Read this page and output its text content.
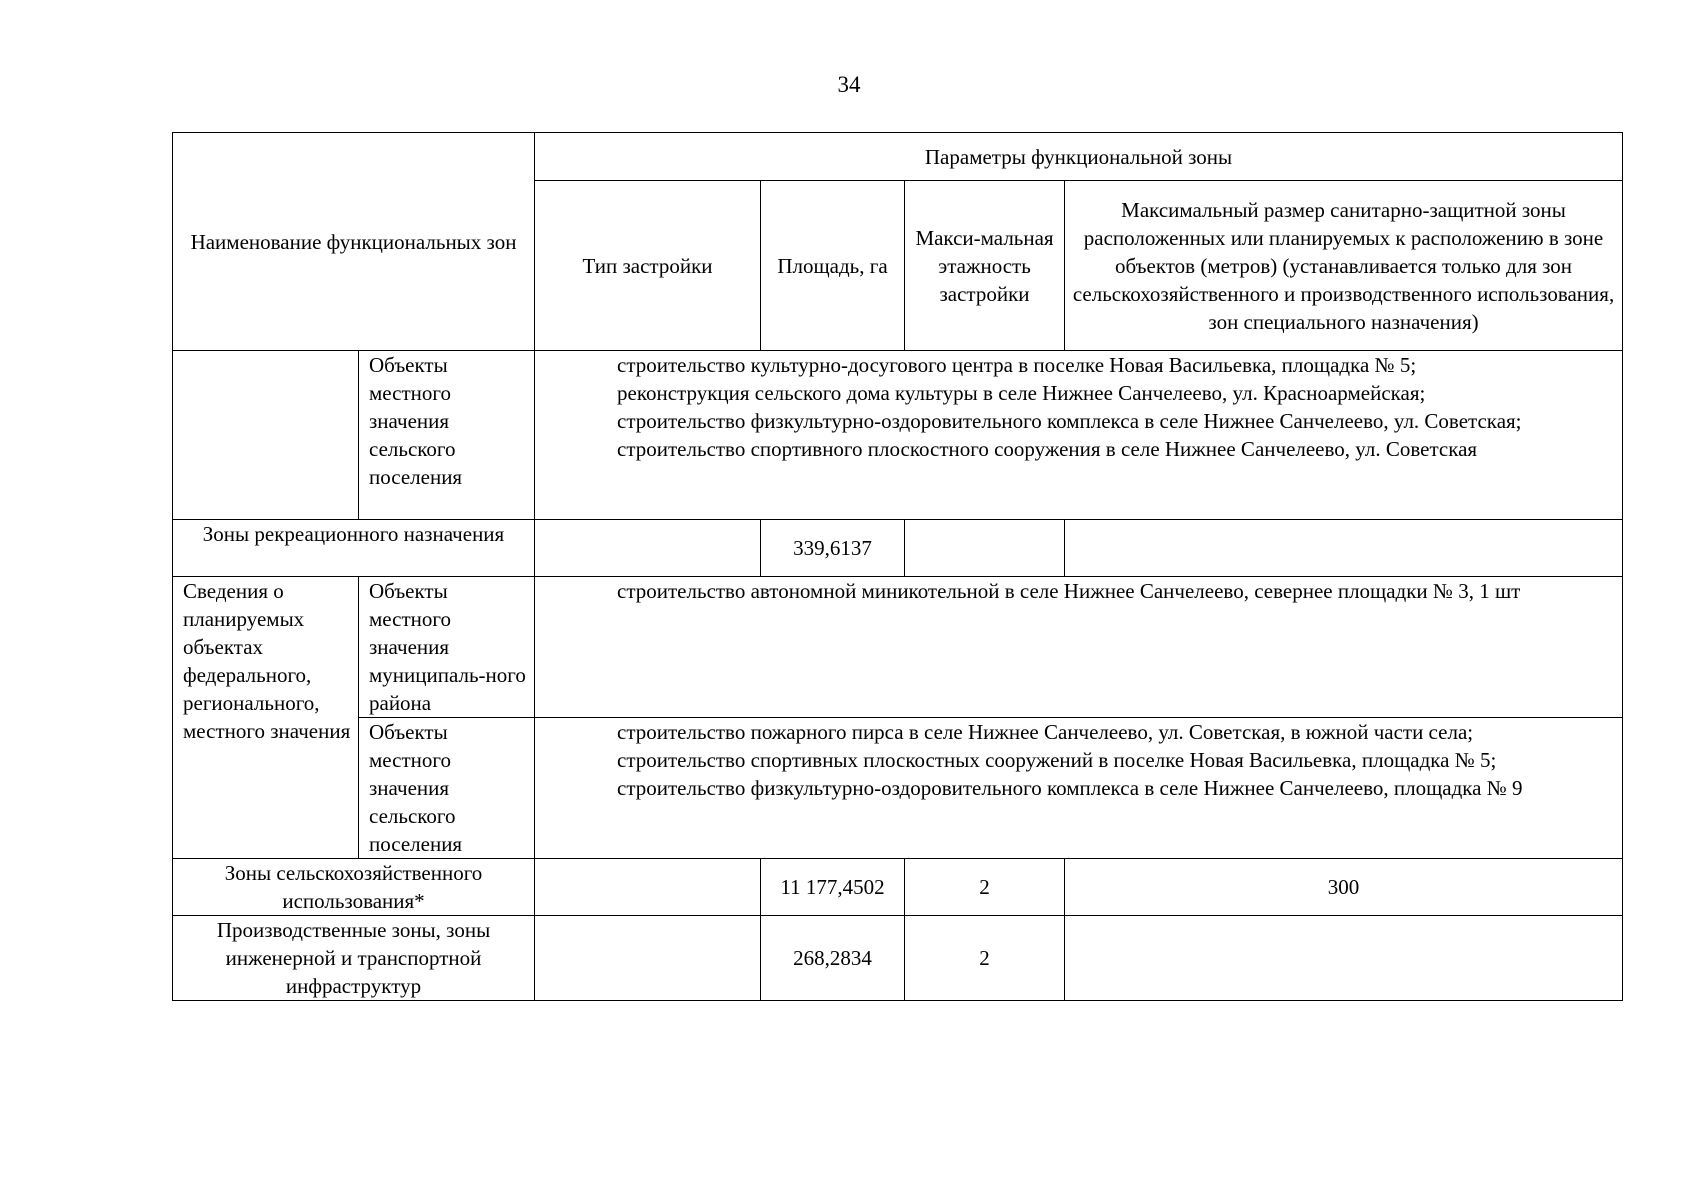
34
Наименование функциональных зон		Параметры функциональной зоны			
		Тип застройки	Площадь, га	Макси-мальная этажность застройки	Максимальный размер санитарно-защитной зоны расположенных или планируемых к расположению в зоне объектов (метров) (устанавливается только для зон сельскохозяйственного и производственного использования, зон специального назначения)
	Объекты местного значения сельского поселения	строительство культурно-досугового центра в поселке Новая Васильевка, площадка № 5;

реконструкция сельского дома культуры в селе Нижнее Санчелеево, ул. Красноармейская;

строительство физкультурно-оздоровительного комплекса в селе Нижнее Санчелеево, ул. Советская;

строительство спортивного плоскостного сооружения в селе Нижнее Санчелеево, ул. Советская			

Зоны рекреационного назначения			339,6137		
Сведения о планируемых объектах федерального, регионального, местного значения	Объекты местного значения муниципаль-ного района	строительство автономной миникотельной в селе Нижнее Санчелеево, севернее площадки № 3, 1 шт			

	Объекты местного значения сельского поселения	строительство пожарного пирса в селе Нижнее Санчелеево, ул. Советская, в южной части села;

строительство спортивных плоскостных сооружений в поселке Новая Васильевка, площадка № 5;

строительство физкультурно-оздоровительного комплекса в селе Нижнее Санчелеево, площадка № 9			

Зоны сельскохозяйственного использования*			11 177,4502	2	300
Производственные зоны, зоны инженерной и транспортной инфраструктур			268,2834	2	
